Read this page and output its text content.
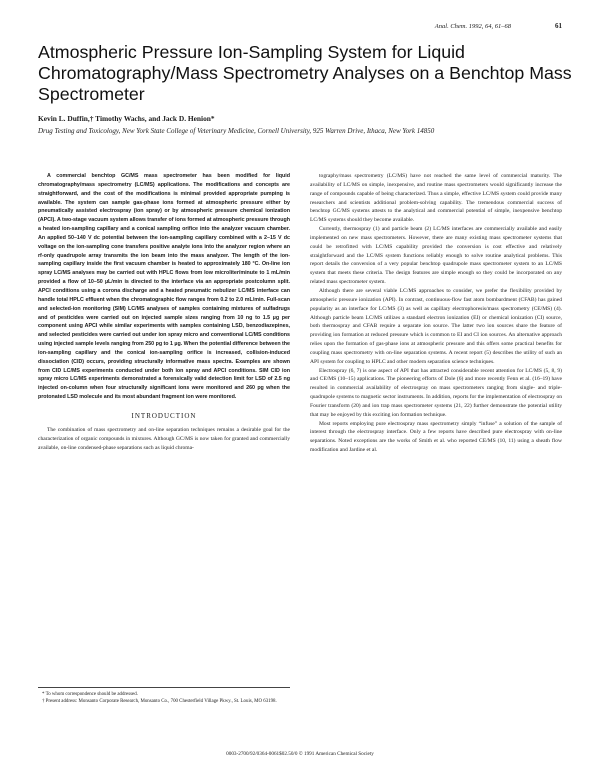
Anal. Chem. 1992, 64, 61–68	61
Atmospheric Pressure Ion-Sampling System for Liquid Chromatography/Mass Spectrometry Analyses on a Benchtop Mass Spectrometer
Kevin L. Duffin,† Timothy Wachs, and Jack D. Henion*
Drug Testing and Toxicology, New York State College of Veterinary Medicine, Cornell University, 925 Warren Drive, Ithaca, New York 14850

A commercial benchtop GC/MS mass spectrometer has been modified for liquid chromatography/mass spectrometry (LC/MS) applications. The modifications and concepts are straightforward, and the cost of the modifications is minimal provided appropriate pumping is available. The system can sample gas-phase ions formed at atmospheric pressure either by pneumatically assisted electrospray (ion spray) or by atmospheric pressure chemical ionization (APCI). A two-stage vacuum system allows transfer of ions formed at atmospheric pressure through a heated ion-sampling capillary and a conical sampling orifice into the analyzer vacuum chamber. An applied 50–140 V dc potential between the ion-sampling capillary combined with a 2–15 V dc voltage on the ion-sampling cone transfers positive analyte ions into the analyzer region where an rf-only quadrupole array transmits the ion beam into the mass analyzer. The length of the ion-sampling capillary inside the first vacuum chamber is heated to approximately 180 °C. On-line ion spray LC/MS analyses may be carried out with HPLC flows from low microliter/minute to 1 mL/min provided a flow of 10–50 µL/min is directed to the interface via an appropriate postcolumn split. APCI conditions using a corona discharge and a heated pneumatic nebulizer LC/MS interface can handle total HPLC effluent when the chromatographic flow ranges from 0.2 to 2.0 mL/min. Full-scan and selected-ion monitoring (SIM) LC/MS analyses of samples containing mixtures of sulfadrugs and of pesticides were carried out on injected sample sizes ranging from 10 ng to 1.5 µg per component using APCI while similar experiments with samples containing LSD, benzodiazepines, and selected pesticides were carried out under ion spray micro and conventional LC/MS conditions using injected sample levels ranging from 250 pg to 1 µg. When the potential difference between the ion-sampling capillary and the conical ion-sampling orifice is increased, collision-induced dissociation (CID) occurs, providing structurally informative mass spectra. Examples are shown from CID LC/MS experiments conducted under both ion spray and APCI conditions. SIM CID ion spray micro LC/MS experiments demonstrated a forensically valid detection limit for LSD of 2.5 ng injected on-column when four structurally significant ions were monitored and 260 pg when the protonated LSD molecule and its most abundant fragment ion were monitored.

INTRODUCTION

The combination of mass spectrometry and on-line separation techniques remains a desirable goal for the characterization of organic compounds in mixtures. Although GC/MS is now taken for granted and commercially available, on-line condensed-phase separations such as liquid chroma-

* To whom correspondence should be addressed.

† Present address: Monsanto Corporate Research, Monsanto Co., 700 Chesterfield Village Pkwy., St. Louis, MO 63198.

tography/mass spectrometry (LC/MS) have not reached the same level of commercial maturity. The availability of LC/MS on simple, inexpensive, and routine mass spectrometers would significantly increase the range of compounds capable of being characterized. Thus a simple, effective LC/MS system could provide many researchers and scientists additional problem-solving capability. The tremendous commercial success of benchtop GC/MS systems attests to the analytical and commercial potential of simple, inexpensive benchtop LC/MS systems should they become available.

Currently, thermospray (1) and particle beam (2) LC/MS interfaces are commercially available and easily implemented on new mass spectrometers. However, there are many existing mass spectrometer systems that could be retrofitted with LC/MS capability provided the conversion is cost effective and relatively straightforward and the LC/MS system functions reliably enough to solve routine analytical problems. This report details the conversion of a very popular benchtop quadrupole mass spectrometer system to an LC/MS system that meets these criteria. The design features are simple enough so they could be incorporated on any related mass spectrometer system.

Although there are several viable LC/MS approaches to consider, we prefer the flexibility provided by atmospheric pressure ionization (API). In contrast, continuous-flow fast atom bombardment (CFAB) has gained popularity as an interface for LC/MS (3) as well as capillary electrophoresis/mass spectrometry (CE/MS) (4). Although particle beam LC/MS utilizes a standard electron ionization (EI) or chemical ionization (CI) source, both thermospray and CFAB require a separate ion source. The latter two ion sources share the feature of providing ion formation at reduced pressure which is common to EI and CI ion sources. An alternative approach relies upon the formation of gas-phase ions at atmospheric pressure and this offers some practical benefits for coupling mass spectrometry with on-line separation systems. A recent report (5) describes the utility of such an API system for coupling to HPLC and other modern separation science techniques.

Electrospray (6, 7) is one aspect of API that has attracted considerable recent attention for LC/MS (5, 8, 9) and CE/MS (10–15) applications. The pioneering efforts of Dole (6) and more recently Fenn et al. (16–19) have resulted in commercial availability of electrospray on mass spectrometers ranging from single- and triple-quadrupole systems to magnetic sector instruments. In addition, reports for the implementation of electrospray on Fourier transform (20) and ion trap mass spectrometer systems (21, 22) further demonstrate the potential utility that may be enjoyed by this exciting ion formation technique.

Most reports employing pure electrospray mass spectrometry simply “infuse” a solution of the sample of interest through the electrospray interface. Only a few reports have described pure electrospray with on-line separations. Noted exceptions are the works of Smith et al. who reported CE/MS (10, 11) using a sheath flow modification and Jardine et al.

0003-2700/92/0364-0061$02.50/0 © 1991 American Chemical Society
